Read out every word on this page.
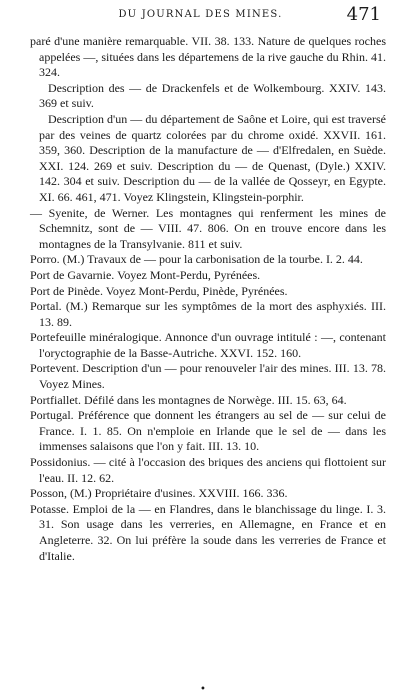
DU JOURNAL DES MINES.	471

paré d'une manière remarquable. VII. 38. 133. Nature de quelques roches appelées —, situées dans les départemens de la rive gauche du Rhin. 41. 324.

Description des — de Drackenfels et de Wolkembourg. XXIV. 143. 369 et suiv.

Description d'un — du département de Saône et Loire, qui est traversé par des veines de quartz colorées par du chrome oxidé. XXVII. 161. 359, 360. Description de la manufacture de — d'Elfredalen, en Suède. XXI. 124. 269 et suiv. Description du — de Quenast, (Dyle.) XXIV. 142. 304 et suiv. Description du — de la vallée de Qosseyr, en Egypte. XI. 66. 461, 471. Voyez Klingstein, Klingstein-porphir.

— Syenite, de Werner. Les montagnes qui renferment les mines de Schemnitz, sont de — VIII. 47. 806. On en trouve encore dans les montagnes de la Transylvanie. 811 et suiv.

Porro. (M.) Travaux de — pour la carbonisation de la tourbe. I. 2. 44.

Port de Gavarnie. Voyez Mont-Perdu, Pyrénées.

Port de Pinède. Voyez Mont-Perdu, Pinède, Pyrénées.

Portal. (M.) Remarque sur les symptômes de la mort des asphyxiés. III. 13. 89.

Portefeuille minéralogique. Annonce d'un ouvrage intitulé : —, contenant l'oryctographie de la Basse-Autriche. XXVI. 152. 160.

Portevent. Description d'un — pour renouveler l'air des mines. III. 13. 78. Voyez Mines.

Portfiallet. Défilé dans les montagnes de Norwège. III. 15. 63, 64.

Portugal. Préférence que donnent les étrangers au sel de — sur celui de France. I. 1. 85. On n'emploie en Irlande que le sel de — dans les immenses salaisons que l'on y fait. III. 13. 10.

Possidonius. — cité à l'occasion des briques des anciens qui flottoient sur l'eau. II. 12. 62.

Posson, (M.) Propriétaire d'usines. XXVIII. 166. 336.

Potasse. Emploi de la — en Flandres, dans le blanchissage du linge. I. 3. 31. Son usage dans les verreries, en Allemagne, en France et en Angleterre. 32. On lui préfère la soude dans les verreries de France et d'Italie.

•
